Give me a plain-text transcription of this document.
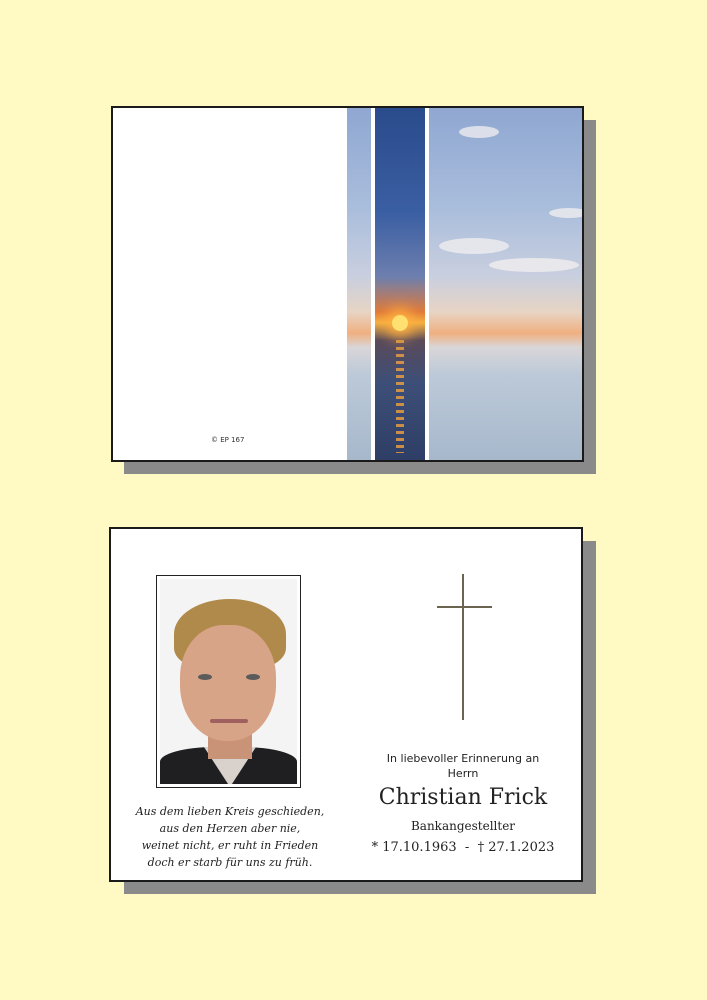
© EP 167
Aus dem lieben Kreis geschieden,
aus den Herzen aber nie,
weinet nicht, er ruht in Frieden
doch er starb für uns zu früh.
In liebevoller Erinnerung an
Herrn
Christian Frick
Bankangestellter
* 17.10.1963 - † 27.1.2023
